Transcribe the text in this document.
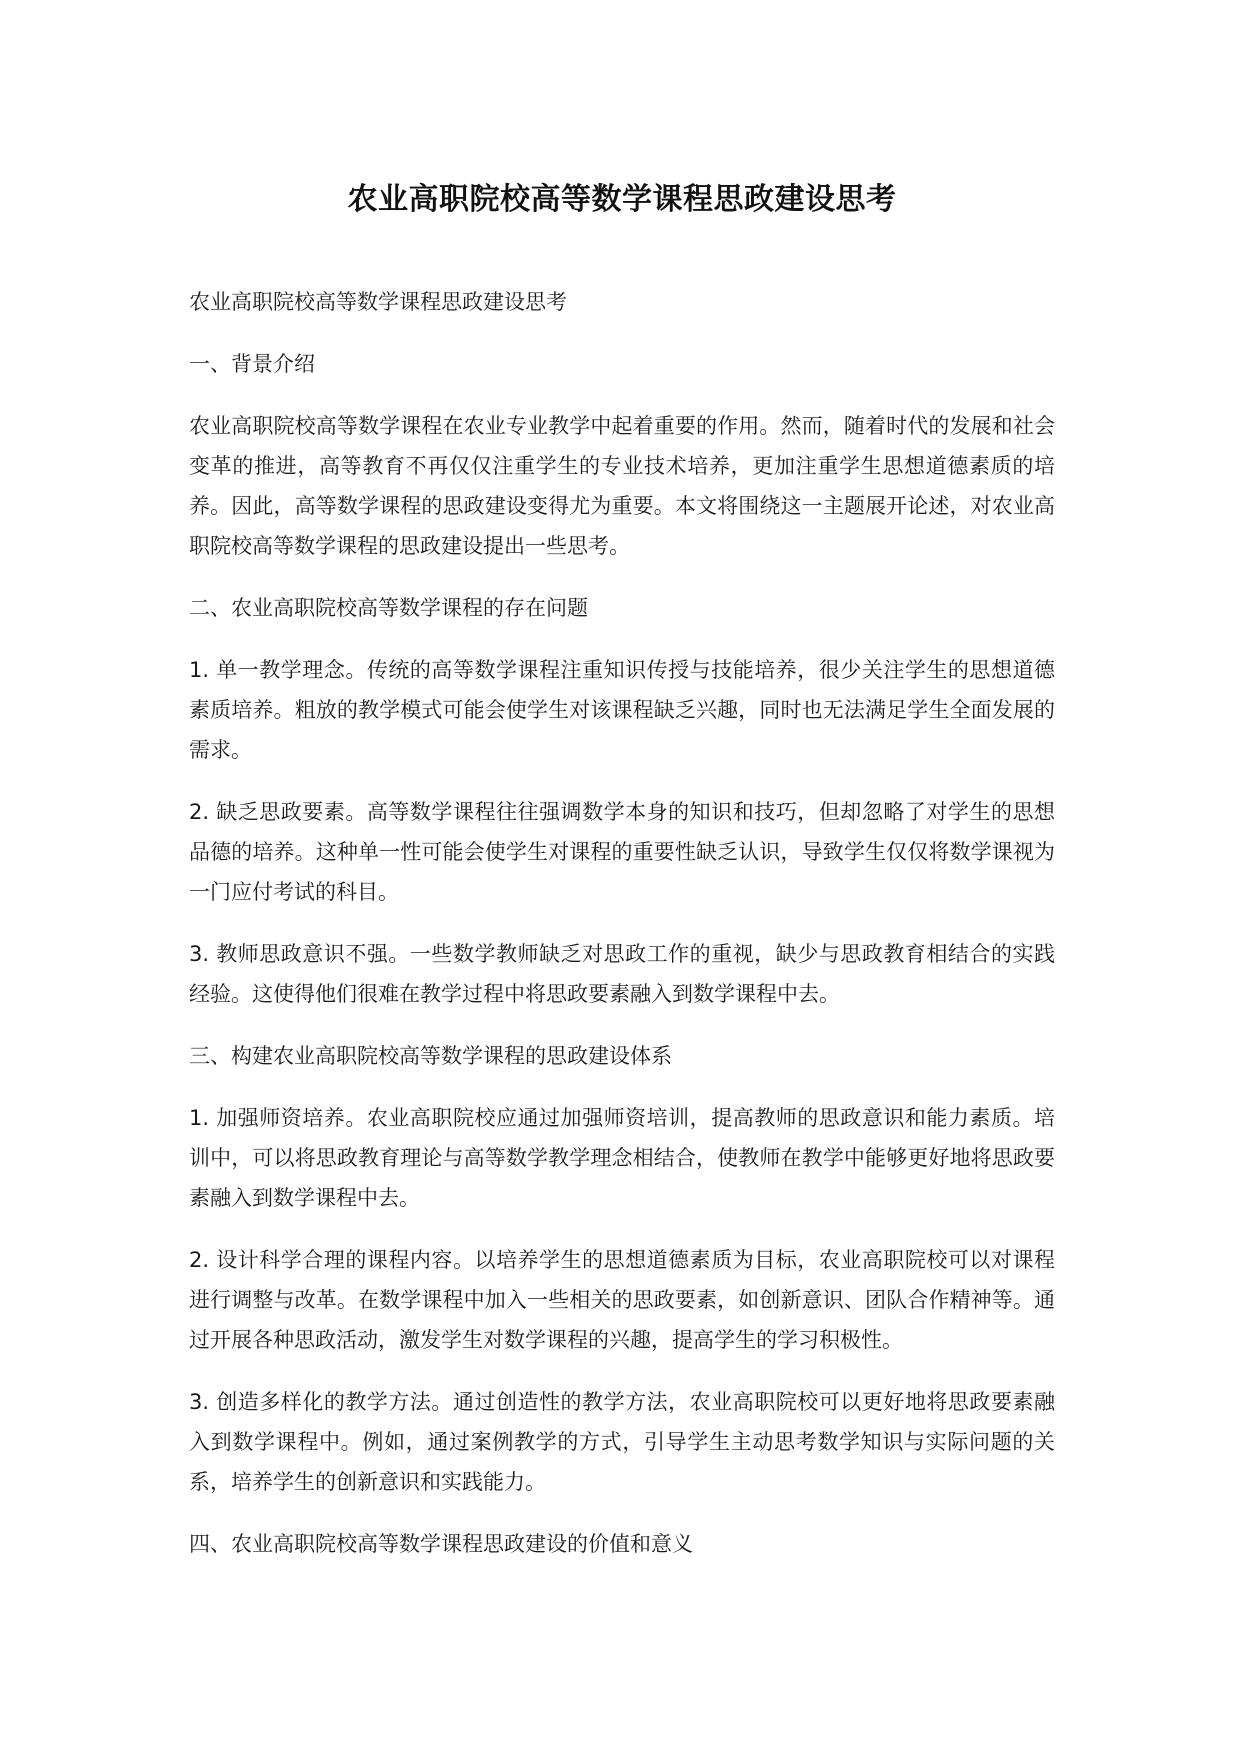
农业高职院校高等数学课程思政建设思考

农业高职院校高等数学课程思政建设思考

一、背景介绍

农业高职院校高等数学课程在农业专业教学中起着重要的作用。然而，随着时代的发展和社会变革的推进，高等教育不再仅仅注重学生的专业技术培养，更加注重学生思想道德素质的培养。因此，高等数学课程的思政建设变得尤为重要。本文将围绕这一主题展开论述，对农业高职院校高等数学课程的思政建设提出一些思考。

二、农业高职院校高等数学课程的存在问题

1. 单一教学理念。传统的高等数学课程注重知识传授与技能培养，很少关注学生的思想道德素质培养。粗放的教学模式可能会使学生对该课程缺乏兴趣，同时也无法满足学生全面发展的需求。

2. 缺乏思政要素。高等数学课程往往强调数学本身的知识和技巧，但却忽略了对学生的思想品德的培养。这种单一性可能会使学生对课程的重要性缺乏认识，导致学生仅仅将数学课视为一门应付考试的科目。

3. 教师思政意识不强。一些数学教师缺乏对思政工作的重视，缺少与思政教育相结合的实践经验。这使得他们很难在教学过程中将思政要素融入到数学课程中去。

三、构建农业高职院校高等数学课程的思政建设体系

1. 加强师资培养。农业高职院校应通过加强师资培训，提高教师的思政意识和能力素质。培训中，可以将思政教育理论与高等数学教学理念相结合，使教师在教学中能够更好地将思政要素融入到数学课程中去。

2. 设计科学合理的课程内容。以培养学生的思想道德素质为目标，农业高职院校可以对课程进行调整与改革。在数学课程中加入一些相关的思政要素，如创新意识、团队合作精神等。通过开展各种思政活动，激发学生对数学课程的兴趣，提高学生的学习积极性。

3. 创造多样化的教学方法。通过创造性的教学方法，农业高职院校可以更好地将思政要素融入到数学课程中。例如，通过案例教学的方式，引导学生主动思考数学知识与实际问题的关系，培养学生的创新意识和实践能力。

四、农业高职院校高等数学课程思政建设的价值和意义
